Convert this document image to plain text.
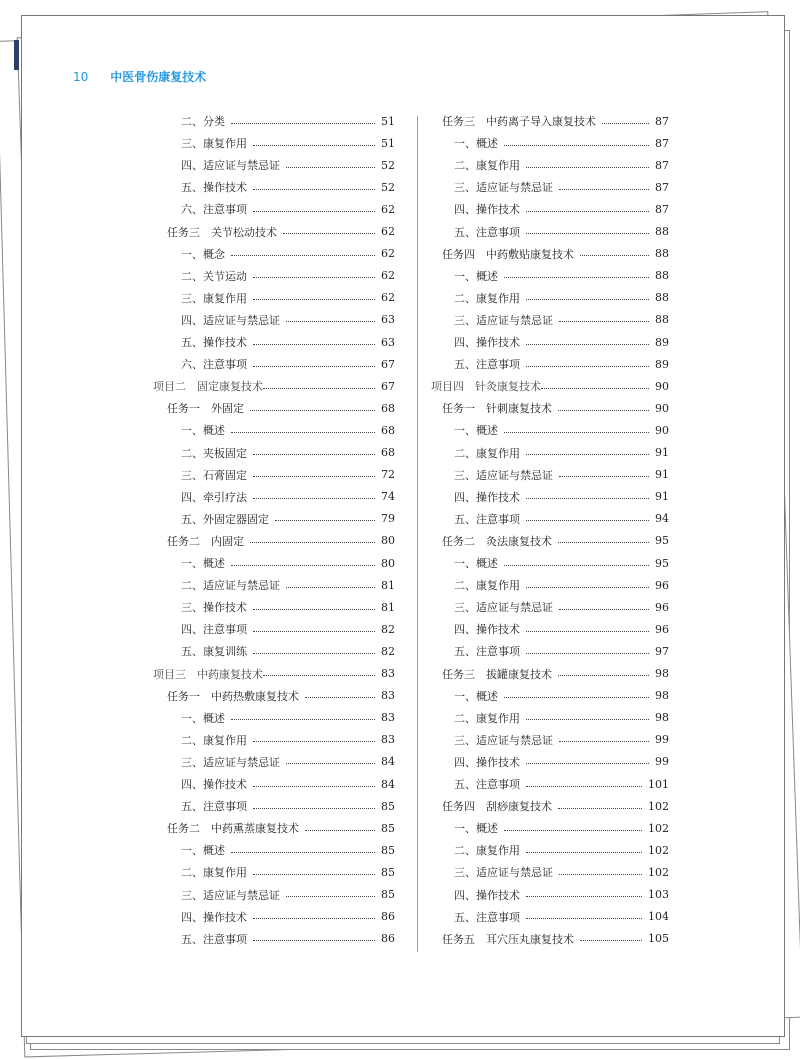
10 中医骨伤康复技术
二、分类	51
三、康复作用	51
四、适应证与禁忌证	52
五、操作技术	52
六、注意事项	62
任务三　关节松动技术	62
一、概念	62
二、关节运动	62
三、康复作用	62
四、适应证与禁忌证	63
五、操作技术	63
六、注意事项	67
项目二　固定康复技术	67
任务一　外固定	68
一、概述	68
二、夹板固定	68
三、石膏固定	72
四、牵引疗法	74
五、外固定器固定	79
任务二　内固定	80
一、概述	80
二、适应证与禁忌证	81
三、操作技术	81
四、注意事项	82
五、康复训练	82
项目三　中药康复技术	83
任务一　中药热敷康复技术	83
一、概述	83
二、康复作用	83
三、适应证与禁忌证	84
四、操作技术	84
五、注意事项	85
任务二　中药熏蒸康复技术	85
一、概述	85
二、康复作用	85
三、适应证与禁忌证	85
四、操作技术	86
五、注意事项	86
任务三　中药离子导入康复技术	87
一、概述	87
二、康复作用	87
三、适应证与禁忌证	87
四、操作技术	87
五、注意事项	88
任务四　中药敷贴康复技术	88
一、概述	88
二、康复作用	88
三、适应证与禁忌证	88
四、操作技术	89
五、注意事项	89
项目四　针灸康复技术	90
任务一　针刺康复技术	90
一、概述	90
二、康复作用	91
三、适应证与禁忌证	91
四、操作技术	91
五、注意事项	94
任务二　灸法康复技术	95
一、概述	95
二、康复作用	96
三、适应证与禁忌证	96
四、操作技术	96
五、注意事项	97
任务三　拔罐康复技术	98
一、概述	98
二、康复作用	98
三、适应证与禁忌证	99
四、操作技术	99
五、注意事项	101
任务四　刮痧康复技术	102
一、概述	102
二、康复作用	102
三、适应证与禁忌证	102
四、操作技术	103
五、注意事项	104
任务五　耳穴压丸康复技术	105
